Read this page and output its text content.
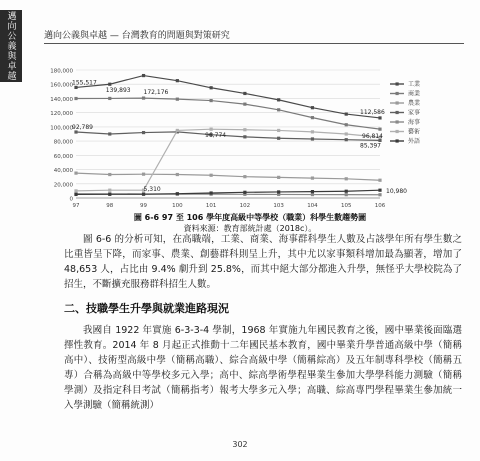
邁向公義與卓越	邁向公義與卓越 — 台灣教育的問題與對策研究
0
20,000
40,000
60,000
80,000
100,000
120,000
140,000
160,000
180,000
97	98	99	100	101	102	103	104	105	106
工業
商業
農業
家事
海事
藝術
外語
155,517
172,176
139,893
92,789
96,774
5,310
112,586
96,814
85,397
10,980
圖 6-6 97 至 106 學年度高級中等學校（職業）科學生數趨勢圖
資料來源：教育部統計處（2018c）。
圖 6-6 的分析可知，在高職端，工業、商業、海事群科學生人數及占該學年所有學生數之比重皆呈下降，而家事、農業、創藝群科則呈上升，其中尤以家事類科增加最為顯著，增加了 48,653 人，占比由 9.4% 劇升到 25.8%，而其中絕大部分都進入升學，無怪乎大學校院為了招生，不斷擴充服務群科招生人數。
二、技職學生升學與就業進路現況
我國自 1922 年實施 6-3-3-4 學制，1968 年實施九年國民教育之後，國中畢業後面臨選擇性教育。2014 年 8 月起正式推動十二年國民基本教育，國中畢業升學普通高級中學（簡稱高中）、技術型高級中學（簡稱高職）、綜合高級中學（簡稱綜高）及五年制專科學校（簡稱五專）合稱為高級中等學校多元入學；高中、綜高學術學程畢業生參加大學學科能力測驗（簡稱學測）及指定科目考試（簡稱指考）報考大學多元入學；高職、綜高專門學程畢業生參加統一入學測驗（簡稱統測）
302
